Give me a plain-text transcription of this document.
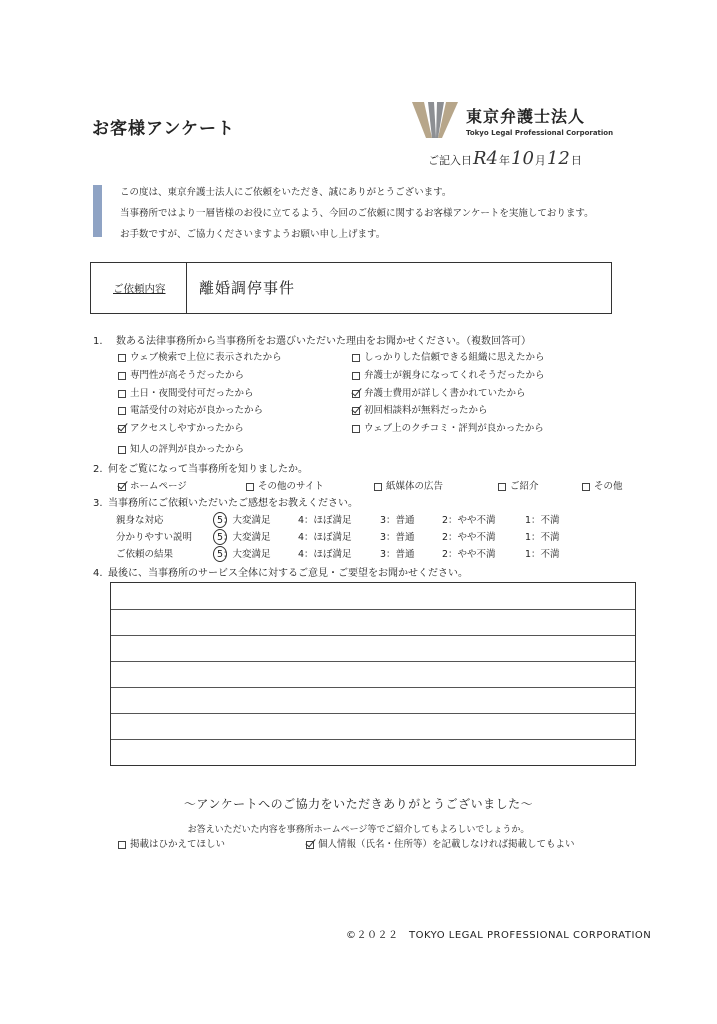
お客様アンケート
東京弁護士法人
Tokyo Legal Professional Corporation
ご記入日R4年10月12日
この度は、東京弁護士法人にご依頼をいただき、誠にありがとうございます。
当事務所ではより一層皆様のお役に立てるよう、今回のご依頼に関するお客様アンケートを実施しております。
お手数ですが、ご協力くださいますようお願い申し上げます。
ご依頼内容 離婚調停事件
1. 数ある法律事務所から当事務所をお選びいただいた理由をお聞かせください。（複数回答可）
ウェブ検索で上位に表示されたから	しっかりした信頼できる組織に思えたから
専門性が高そうだったから	弁護士が親身になってくれそうだったから
土日・夜間受付可だったから	弁護士費用が詳しく書かれていたから
電話受付の対応が良かったから	初回相談料が無料だったから
アクセスしやすかったから	ウェブ上のクチコミ・評判が良かったから
知人の評判が良かったから
2. 何をご覧になって当事務所を知りましたか。
ホームページ	その他のサイト	紙媒体の広告	ご紹介	その他
3. 当事務所にご依頼いただいたご感想をお教えください。
親身な対応	5：大変満足	4：ほぼ満足	3：普通	2：やや不満	1：不満
分かりやすい説明	5：大変満足	4：ほぼ満足	3：普通	2：やや不満	1：不満
ご依頼の結果	5：大変満足	4：ほぼ満足	3：普通	2：やや不満	1：不満
4. 最後に、当事務所のサービス全体に対するご意見・ご要望をお聞かせください。
～アンケートへのご協力をいただきありがとうございました～
お答えいただいた内容を事務所ホームページ等でご紹介してもよろしいでしょうか。
掲載はひかえてほしい	個人情報（氏名・住所等）を記載しなければ掲載してもよい
©２０２２　TOKYO LEGAL PROFESSIONAL CORPORATION
